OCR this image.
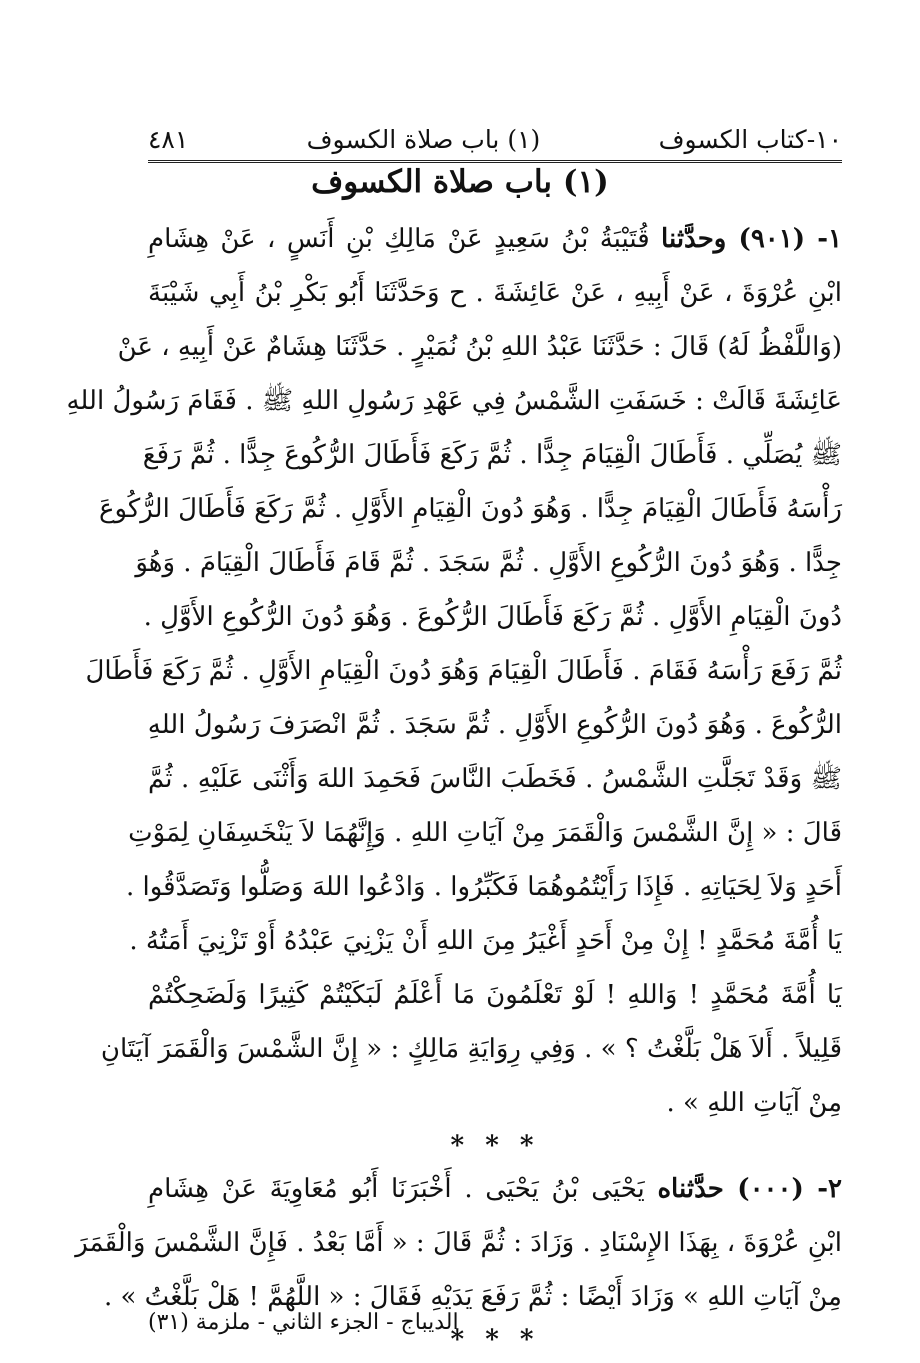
١٠-كتاب الكسوف
(١) باب صلاة الكسوف
٤٨١
(١) باب صلاة الكسوف
١- (٩٠١) وحدَّثنا قُتَيْبَةُ بْنُ سَعِيدٍ عَنْ مَالِكِ بْنِ أَنَسٍ ، عَنْ هِشَامِ
ابْنِ عُرْوَةَ ، عَنْ أَبِيهِ ، عَنْ عَائِشَةَ . ح وَحَدَّثَنَا أَبُو بَكْرِ بْنُ أَبِي شَيْبَةَ
(وَاللَّفْظُ لَهُ) قَالَ : حَدَّثَنَا عَبْدُ اللهِ بْنُ نُمَيْرٍ . حَدَّثَنَا هِشَامٌ عَنْ أَبِيهِ ، عَنْ
عَائِشَةَ قَالَتْ : خَسَفَتِ الشَّمْسُ فِي عَهْدِ رَسُولِ اللهِ ﷺ . فَقَامَ رَسُولُ اللهِ
ﷺ يُصَلِّي . فَأَطَالَ الْقِيَامَ جِدًّا . ثُمَّ رَكَعَ فَأَطَالَ الرُّكُوعَ جِدًّا . ثُمَّ رَفَعَ
رَأْسَهُ فَأَطَالَ الْقِيَامَ جِدًّا . وَهُوَ دُونَ الْقِيَامِ الأَوَّلِ . ثُمَّ رَكَعَ فَأَطَالَ الرُّكُوعَ
جِدًّا . وَهُوَ دُونَ الرُّكُوعِ الأَوَّلِ . ثُمَّ سَجَدَ . ثُمَّ قَامَ فَأَطَالَ الْقِيَامَ . وَهُوَ
دُونَ الْقِيَامِ الأَوَّلِ . ثُمَّ رَكَعَ فَأَطَالَ الرُّكُوعَ . وَهُوَ دُونَ الرُّكُوعِ الأَوَّلِ .
ثُمَّ رَفَعَ رَأْسَهُ فَقَامَ . فَأَطَالَ الْقِيَامَ وَهُوَ دُونَ الْقِيَامِ الأَوَّلِ . ثُمَّ رَكَعَ فَأَطَالَ
الرُّكُوعَ . وَهُوَ دُونَ الرُّكُوعِ الأَوَّلِ . ثُمَّ سَجَدَ . ثُمَّ انْصَرَفَ رَسُولُ اللهِ
ﷺ وَقَدْ تَجَلَّتِ الشَّمْسُ . فَخَطَبَ النَّاسَ فَحَمِدَ اللهَ وَأَثْنَى عَلَيْهِ . ثُمَّ
قَالَ : « إِنَّ الشَّمْسَ وَالْقَمَرَ مِنْ آيَاتِ اللهِ . وَإِنَّهُمَا لاَ يَنْخَسِفَانِ لِمَوْتِ
أَحَدٍ وَلاَ لِحَيَاتِهِ . فَإِذَا رَأَيْتُمُوهُمَا فَكَبِّرُوا . وَادْعُوا اللهَ وَصَلُّوا وَتَصَدَّقُوا .
يَا أُمَّةَ مُحَمَّدٍ ! إِنْ مِنْ أَحَدٍ أَغْيَرُ مِنَ اللهِ أَنْ يَزْنِيَ عَبْدُهُ أَوْ تَزْنِيَ أَمَتُهُ .
يَا أُمَّةَ مُحَمَّدٍ ! وَاللهِ ! لَوْ تَعْلَمُونَ مَا أَعْلَمُ لَبَكَيْتُمْ كَثِيرًا وَلَضَحِكْتُمْ
قَلِيلاً . أَلاَ هَلْ بَلَّغْتُ ؟ » . وَفِي رِوَايَةِ مَالِكٍ : « إِنَّ الشَّمْسَ وَالْقَمَرَ آيَتَانِ
مِنْ آيَاتِ اللهِ » .
* * *
٢- (٠٠٠) حدَّثناه يَحْيَى بْنُ يَحْيَى . أَخْبَرَنَا أَبُو مُعَاوِيَةَ عَنْ هِشَامِ
ابْنِ عُرْوَةَ ، بِهَذَا الإِسْنَادِ . وَزَادَ : ثُمَّ قَالَ : « أَمَّا بَعْدُ . فَإِنَّ الشَّمْسَ وَالْقَمَرَ
مِنْ آيَاتِ اللهِ » وَزَادَ أَيْضًا : ثُمَّ رَفَعَ يَدَيْهِ فَقَالَ : « اللَّهُمَّ ! هَلْ بَلَّغْتُ » .
* * *
الديباج - الجزء الثاني - ملزمة (٣١)
